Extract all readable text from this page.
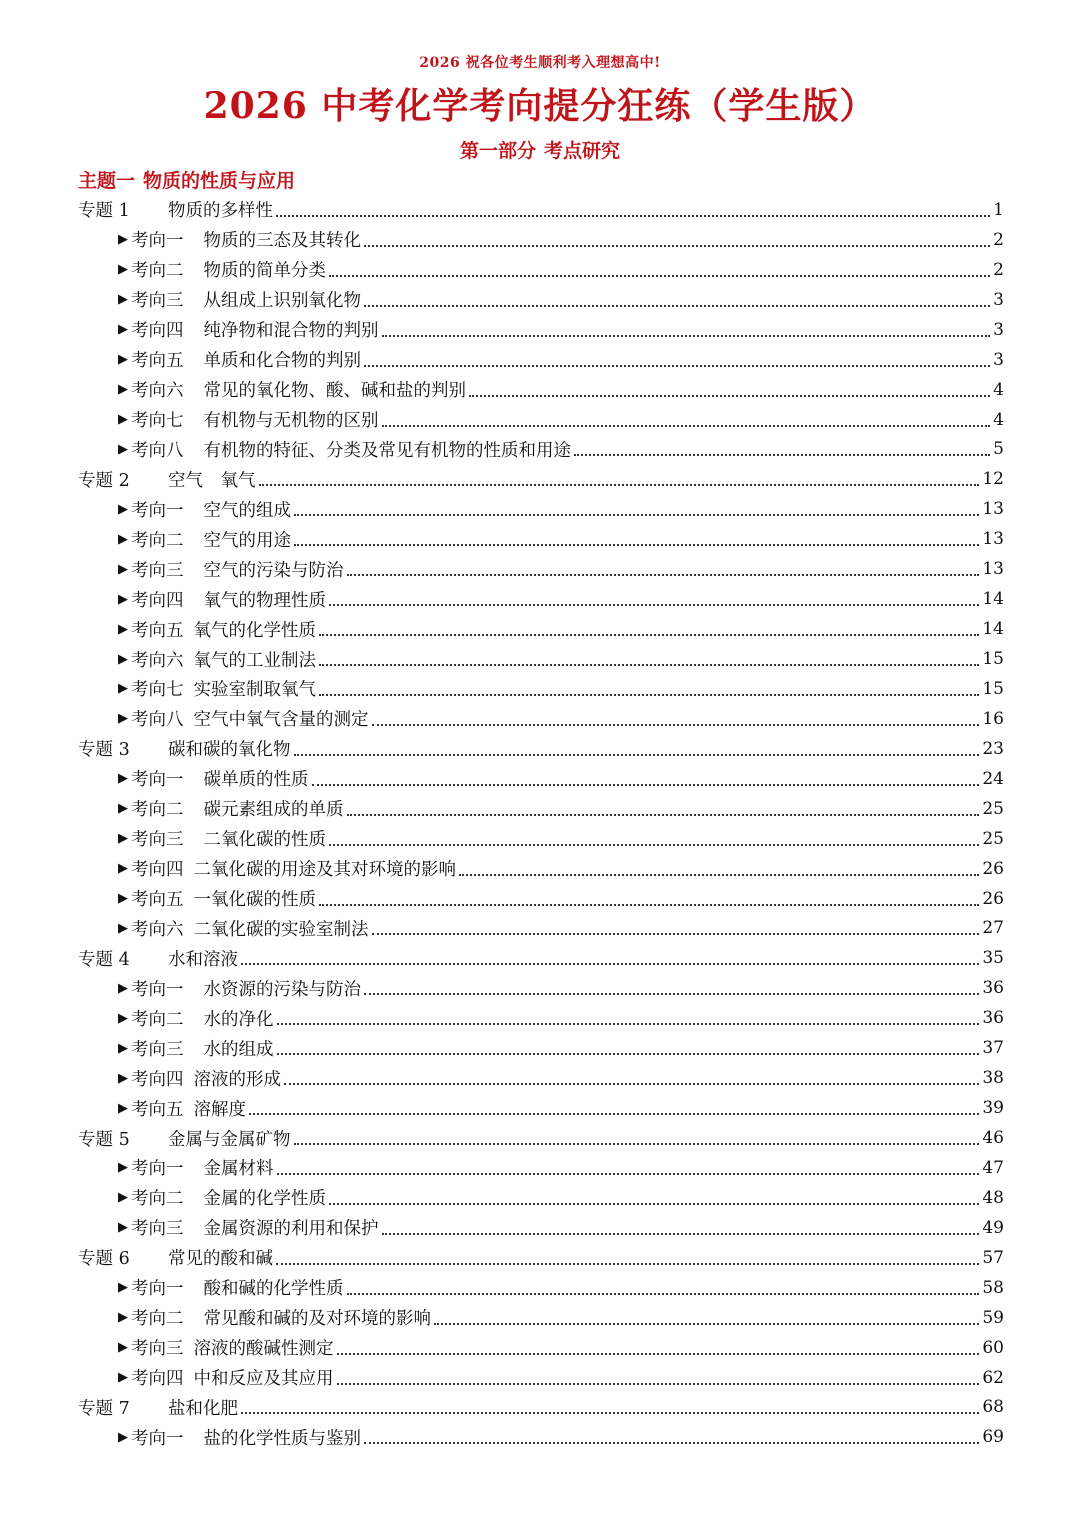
2026 祝各位考生顺利考入理想高中!
2026 中考化学考向提分狂练（学生版）
第一部分 考点研究
主题一 物质的性质与应用
专题 1	物质的多样性	1
▶ 考向一 物质的三态及其转化	2
▶ 考向二 物质的简单分类	2
▶ 考向三 从组成上识别氧化物	3
▶ 考向四 纯净物和混合物的判别	3
▶ 考向五 单质和化合物的判别	3
▶ 考向六 常见的氧化物、酸、碱和盐的判别	4
▶ 考向七 有机物与无机物的区别	4
▶ 考向八 有机物的特征、分类及常见有机物的性质和用途	5
专题 2	空气　氧气	12
▶ 考向一 空气的组成	13
▶ 考向二 空气的用途	13
▶ 考向三 空气的污染与防治	13
▶ 考向四 氧气的物理性质	14
▶ 考向五 氧气的化学性质	14
▶ 考向六 氧气的工业制法	15
▶ 考向七 实验室制取氧气	15
▶ 考向八 空气中氧气含量的测定	16
专题 3	碳和碳的氧化物	23
▶ 考向一 碳单质的性质	24
▶ 考向二 碳元素组成的单质	25
▶ 考向三 二氧化碳的性质	25
▶ 考向四 二氧化碳的用途及其对环境的影响	26
▶ 考向五 一氧化碳的性质	26
▶ 考向六 二氧化碳的实验室制法	27
专题 4	水和溶液	35
▶ 考向一 水资源的污染与防治	36
▶ 考向二 水的净化	36
▶ 考向三 水的组成	37
▶ 考向四 溶液的形成	38
▶ 考向五 溶解度	39
专题 5	金属与金属矿物	46
▶ 考向一 金属材料	47
▶ 考向二 金属的化学性质	48
▶ 考向三 金属资源的利用和保护	49
专题 6	常见的酸和碱	57
▶ 考向一 酸和碱的化学性质	58
▶ 考向二 常见酸和碱的及对环境的影响	59
▶ 考向三 溶液的酸碱性测定	60
▶ 考向四 中和反应及其应用	62
专题 7	盐和化肥	68
▶ 考向一 盐的化学性质与鉴别	69
